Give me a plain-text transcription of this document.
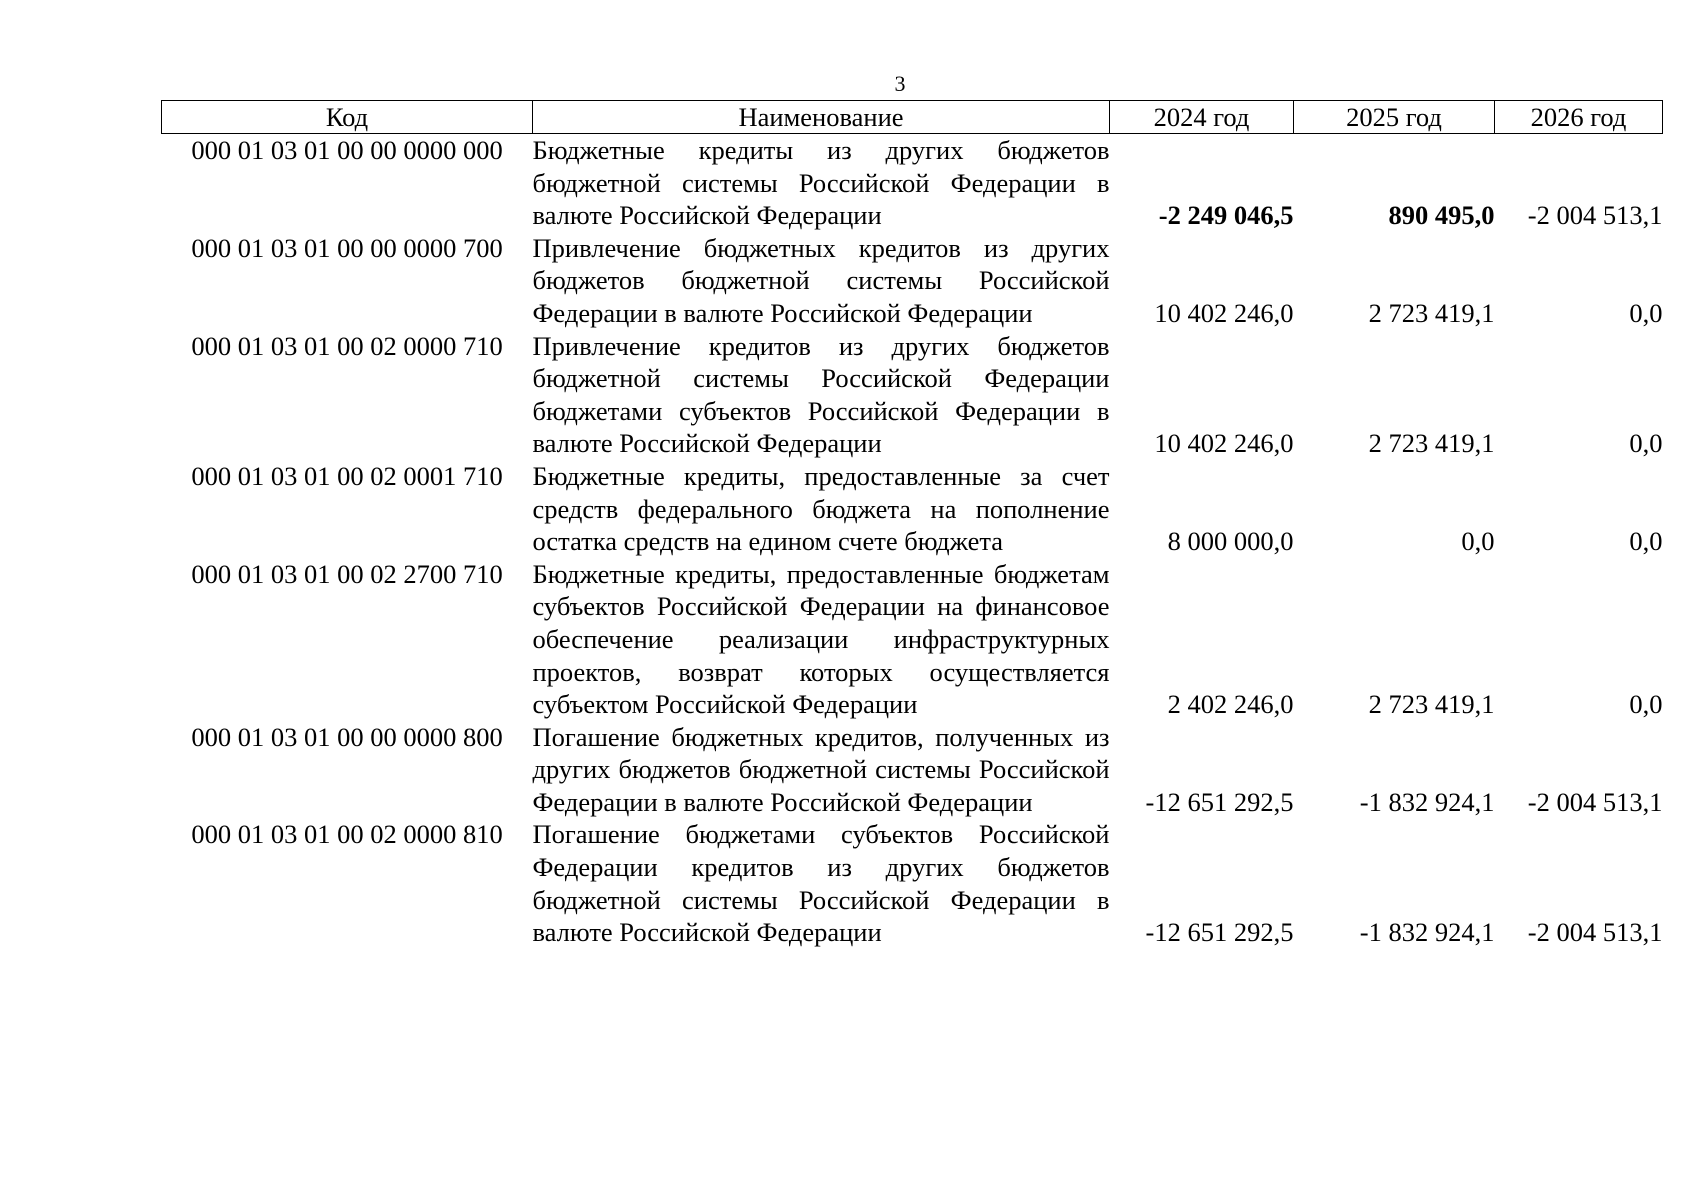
3
Код	Наименование	2024 год	2025 год	2026 год
000 01 03 01 00 00 0000 000	Бюджетные кредиты из других бюджетов бюджетной системы Российской Федерации в валюте Российской Федерации	-2 249 046,5	890 495,0	-2 004 513,1
000 01 03 01 00 00 0000 700	Привлечение бюджетных кредитов из других бюджетов бюджетной системы Российской Федерации в валюте Российской Федерации	10 402 246,0	2 723 419,1	0,0
000 01 03 01 00 02 0000 710	Привлечение кредитов из других бюджетов бюджетной системы Российской Федерации бюджетами субъектов Российской Федерации в валюте Российской Федерации	10 402 246,0	2 723 419,1	0,0
000 01 03 01 00 02 0001 710	Бюджетные кредиты, предоставленные за счет средств федерального бюджета на пополнение остатка средств на едином счете бюджета	8 000 000,0	0,0	0,0
000 01 03 01 00 02 2700 710	Бюджетные кредиты, предоставленные бюджетам субъектов Российской Федерации на финансовое обеспечение реализации инфраструктурных проектов, возврат которых осуществляется субъектом Российской Федерации	2 402 246,0	2 723 419,1	0,0
000 01 03 01 00 00 0000 800	Погашение бюджетных кредитов, полученных из других бюджетов бюджетной системы Российской Федерации в валюте Российской Федерации	-12 651 292,5	-1 832 924,1	-2 004 513,1
000 01 03 01 00 02 0000 810	Погашение бюджетами субъектов Российской Федерации кредитов из других бюджетов бюджетной системы Российской Федерации в валюте Российской Федерации	-12 651 292,5	-1 832 924,1	-2 004 513,1
